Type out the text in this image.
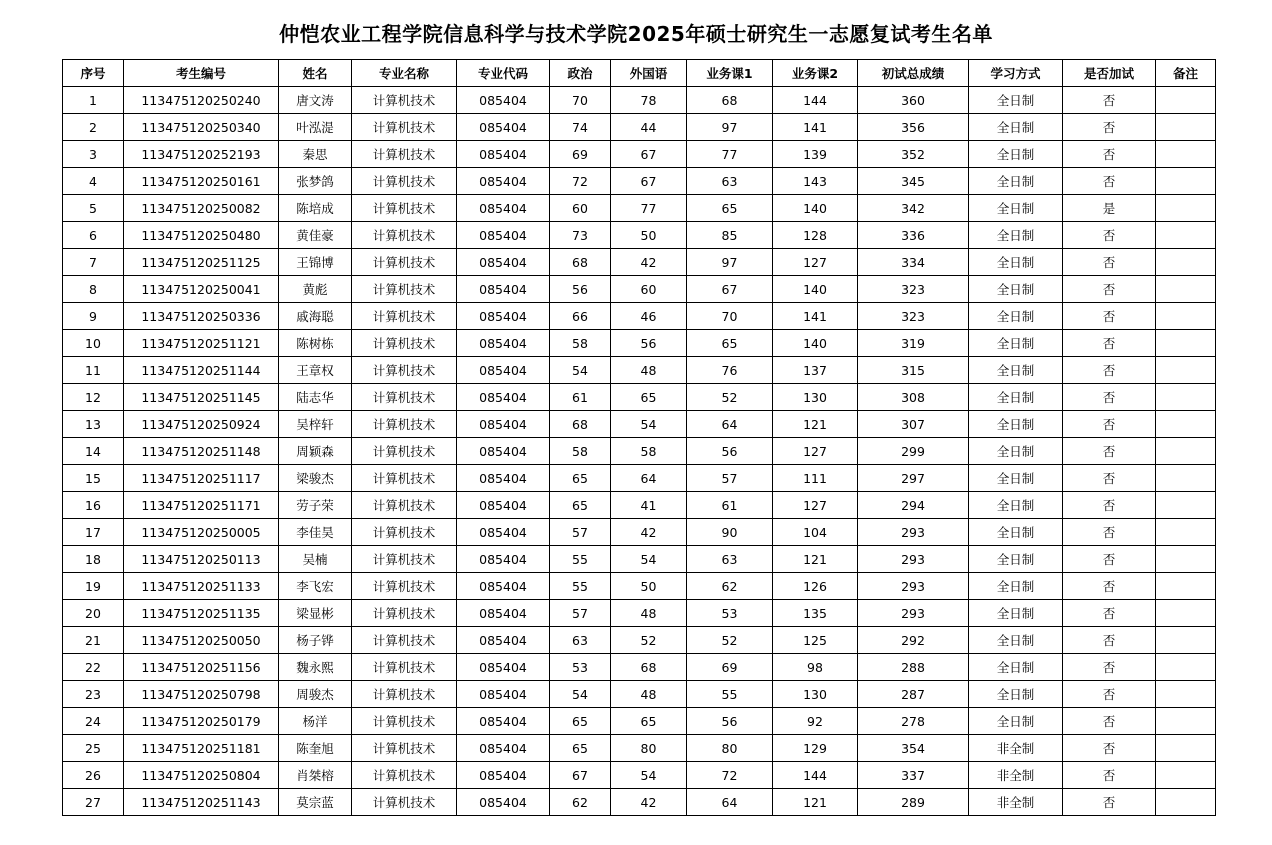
仲恺农业工程学院信息科学与技术学院2025年硕士研究生一志愿复试考生名单
序号	考生编号	姓名	专业名称	专业代码	政治	外国语	业务课1	业务课2	初试总成绩	学习方式	是否加试	备注
1	113475120250240	唐文涛	计算机技术	085404	70	78	68	144	360	全日制	否	
2	113475120250340	叶泓湜	计算机技术	085404	74	44	97	141	356	全日制	否	
3	113475120252193	秦思	计算机技术	085404	69	67	77	139	352	全日制	否	
4	113475120250161	张梦鸽	计算机技术	085404	72	67	63	143	345	全日制	否	
5	113475120250082	陈培成	计算机技术	085404	60	77	65	140	342	全日制	是	
6	113475120250480	黄佳豪	计算机技术	085404	73	50	85	128	336	全日制	否	
7	113475120251125	王锦博	计算机技术	085404	68	42	97	127	334	全日制	否	
8	113475120250041	黄彪	计算机技术	085404	56	60	67	140	323	全日制	否	
9	113475120250336	戚海聪	计算机技术	085404	66	46	70	141	323	全日制	否	
10	113475120251121	陈树栋	计算机技术	085404	58	56	65	140	319	全日制	否	
11	113475120251144	王章权	计算机技术	085404	54	48	76	137	315	全日制	否	
12	113475120251145	陆志华	计算机技术	085404	61	65	52	130	308	全日制	否	
13	113475120250924	吴梓轩	计算机技术	085404	68	54	64	121	307	全日制	否	
14	113475120251148	周颖森	计算机技术	085404	58	58	56	127	299	全日制	否	
15	113475120251117	梁骏杰	计算机技术	085404	65	64	57	111	297	全日制	否	
16	113475120251171	劳子荣	计算机技术	085404	65	41	61	127	294	全日制	否	
17	113475120250005	李佳昊	计算机技术	085404	57	42	90	104	293	全日制	否	
18	113475120250113	吴楠	计算机技术	085404	55	54	63	121	293	全日制	否	
19	113475120251133	李飞宏	计算机技术	085404	55	50	62	126	293	全日制	否	
20	113475120251135	梁显彬	计算机技术	085404	57	48	53	135	293	全日制	否	
21	113475120250050	杨子铧	计算机技术	085404	63	52	52	125	292	全日制	否	
22	113475120251156	魏永熙	计算机技术	085404	53	68	69	98	288	全日制	否	
23	113475120250798	周骏杰	计算机技术	085404	54	48	55	130	287	全日制	否	
24	113475120250179	杨洋	计算机技术	085404	65	65	56	92	278	全日制	否	
25	113475120251181	陈奎旭	计算机技术	085404	65	80	80	129	354	非全制	否	
26	113475120250804	肖桀榕	计算机技术	085404	67	54	72	144	337	非全制	否	
27	113475120251143	莫宗蓝	计算机技术	085404	62	42	64	121	289	非全制	否	
